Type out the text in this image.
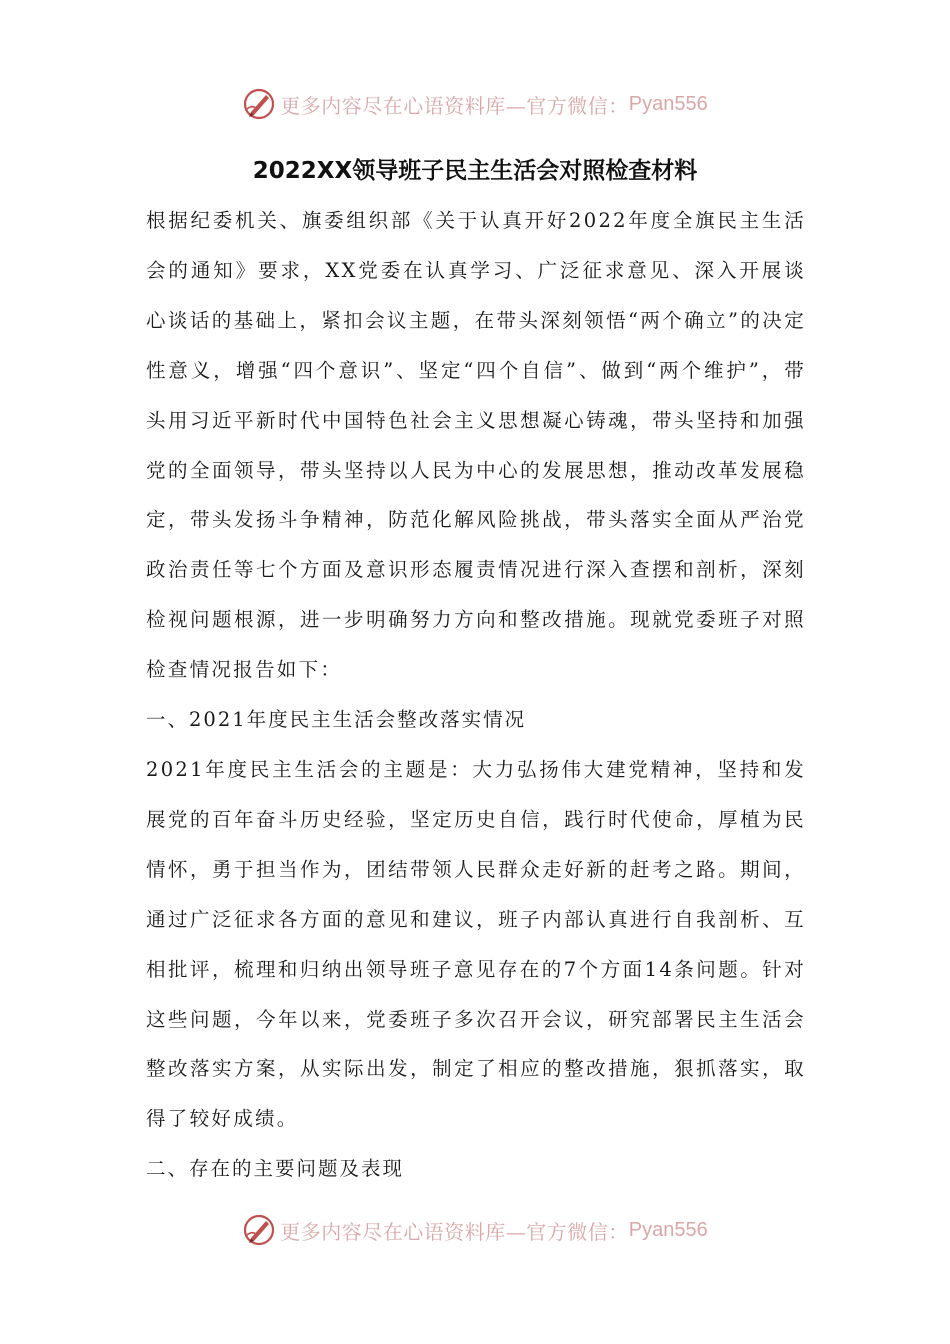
更多内容尽在心语资料库—官方微信： Pyan556
2022XX领导班子民主生活会对照检查材料

根据纪委机关、旗委组织部《关于认真开好2022年度全旗民主生活会的通知》要求，XX党委在认真学习、广泛征求意见、深入开展谈心谈话的基础上，紧扣会议主题，在带头深刻领悟“两个确立”的决定性意义，增强“四个意识”、坚定“四个自信”、做到“两个维护”，带头用习近平新时代中国特色社会主义思想凝心铸魂，带头坚持和加强党的全面领导，带头坚持以人民为中心的发展思想，推动改革发展稳定，带头发扬斗争精神，防范化解风险挑战，带头落实全面从严治党政治责任等七个方面及意识形态履责情况进行深入查摆和剖析，深刻检视问题根源，进一步明确努力方向和整改措施。现就党委班子对照检查情况报告如下：

一、2021年度民主生活会整改落实情况

2021年度民主生活会的主题是：大力弘扬伟大建党精神，坚持和发展党的百年奋斗历史经验，坚定历史自信，践行时代使命，厚植为民情怀，勇于担当作为，团结带领人民群众走好新的赶考之路。期间，通过广泛征求各方面的意见和建议，班子内部认真进行自我剖析、互相批评，梳理和归纳出领导班子意见存在的7个方面14条问题。针对这些问题，今年以来，党委班子多次召开会议，研究部署民主生活会整改落实方案，从实际出发，制定了相应的整改措施，狠抓落实，取得了较好成绩。

二、存在的主要问题及表现

更多内容尽在心语资料库—官方微信： Pyan556
